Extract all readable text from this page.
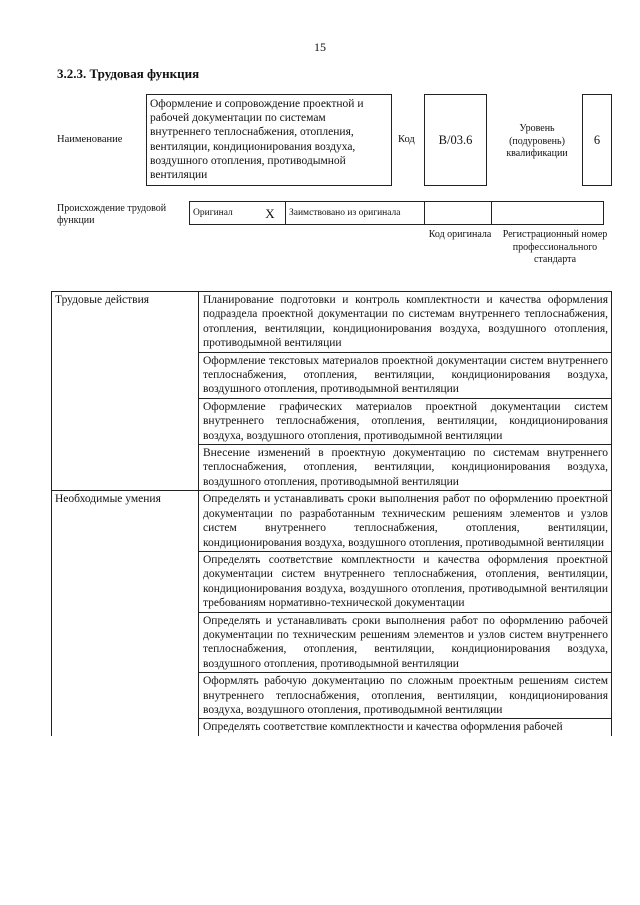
15
3.2.3. Трудовая функция
Наименование
Оформление и сопровождение проектной и рабочей документации по системам внутреннего теплоснабжения, отопления, вентиляции, кондиционирования воздуха, воздушного отопления, противодымной вентиляции
Код B/03.6
Уровень (подуровень) квалификации
6
Происхождение трудовой функции
Оригинал	X	Заимствовано из оригинала		
Код оригинала	Регистрационный номер профессионального стандарта
Трудовые действия	Планирование подготовки и контроль комплектности и качества оформления подраздела проектной документации по системам внутреннего теплоснабжения, отопления, вентиляции, кондиционирования воздуха, воздушного отопления, противодымной вентиляции
	Оформление текстовых материалов проектной документации систем внутреннего теплоснабжения, отопления, вентиляции, кондиционирования воздуха, воздушного отопления, противодымной вентиляции
	Оформление графических материалов проектной документации систем внутреннего теплоснабжения, отопления, вентиляции, кондиционирования воздуха, воздушного отопления, противодымной вентиляции
	Внесение изменений в проектную документацию по системам внутреннего теплоснабжения, отопления, вентиляции, кондиционирования воздуха, воздушного отопления, противодымной вентиляции
Необходимые умения	Определять и устанавливать сроки выполнения работ по оформлению проектной документации по разработанным техническим решениям элементов и узлов систем внутреннего теплоснабжения, отопления, вентиляции, кондиционирования воздуха, воздушного отопления, противодымной вентиляции
	Определять соответствие комплектности и качества оформления проектной документации систем внутреннего теплоснабжения, отопления, вентиляции, кондиционирования воздуха, воздушного отопления, противодымной вентиляции требованиям нормативно-технической документации
	Определять и устанавливать сроки выполнения работ по оформлению рабочей документации по техническим решениям элементов и узлов систем внутреннего теплоснабжения, отопления, вентиляции, кондиционирования воздуха, воздушного отопления, противодымной вентиляции
	Оформлять рабочую документацию по сложным проектным решениям систем внутреннего теплоснабжения, отопления, вентиляции, кондиционирования воздуха, воздушного отопления, противодымной вентиляции
	Определять соответствие комплектности и качества оформления рабочей
